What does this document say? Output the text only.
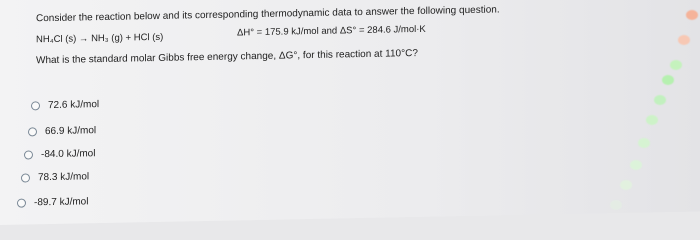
Consider the reaction below and its corresponding thermodynamic data to answer the following question.
NH₄Cl (s) → NH₃ (g) + HCl (s)
ΔH° = 175.9 kJ/mol and ΔS° = 284.6 J/mol·K
What is the standard molar Gibbs free energy change, ΔG°, for this reaction at 110°C?
72.6 kJ/mol
66.9 kJ/mol
-84.0 kJ/mol
78.3 kJ/mol
-89.7 kJ/mol
